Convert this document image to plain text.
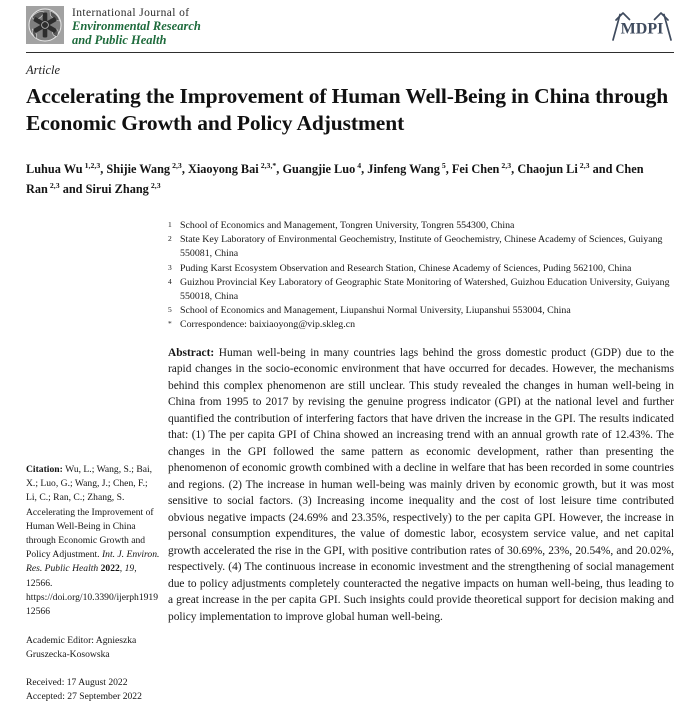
International Journal of
Environmental Research
and Public Health
MDPI
Article
Accelerating the Improvement of Human Well-Being in China through Economic Growth and Policy Adjustment
Luhua Wu $^{1,2,3}$, Shijie Wang $^{2,3}$, Xiaoyong Bai $^{2,3,*}$, Guangjie Luo $^4$, Jinfeng Wang $^5$, Fei Chen $^{2,3}$, Chaojun Li $^{2,3}$ and Chen Ran $^{2,3}$ and Sirui Zhang $^{2,3}$

Citation: Wu, L.; Wang, S.; Bai, X.; Luo, G.; Wang, J.; Chen, F.; Li, C.; Ran, C.; Zhang, S. Accelerating the Improvement of Human Well-Being in China through Economic Growth and Policy Adjustment. Int. J. Environ. Res. Public Health 2022, 19, 12566. https://doi.org/10.3390/ijerph191912566

Academic Editor: Agnieszka Gruszecka-Kosowska

Received: 17 August 2022
Accepted: 27 September 2022

1 School of Economics and Management, Tongren University, Tongren 554300, China
2 State Key Laboratory of Environmental Geochemistry, Institute of Geochemistry, Chinese Academy of Sciences, Guiyang 550081, China
3 Puding Karst Ecosystem Observation and Research Station, Chinese Academy of Sciences, Puding 562100, China
4 Guizhou Provincial Key Laboratory of Geographic State Monitoring of Watershed, Guizhou Education University, Guiyang 550018, China
5 School of Economics and Management, Liupanshui Normal University, Liupanshui 553004, China
* Correspondence: baixiaoyong@vip.skleg.cn
Abstract: Human well-being in many countries lags behind the gross domestic product (GDP) due to the rapid changes in the socio-economic environment that have occurred for decades. However, the mechanisms behind this complex phenomenon are still unclear. This study revealed the changes in human well-being in China from 1995 to 2017 by revising the genuine progress indicator (GPI) at the national level and further quantified the contribution of interfering factors that have driven the increase in the GPI. The results indicated that: (1) The per capita GPI of China showed an increasing trend with an annual growth rate of 12.43%. The changes in the GPI followed the same pattern as economic development, rather than presenting the phenomenon of economic growth combined with a decline in welfare that has been recorded in some countries and regions. (2) The increase in human well-being was mainly driven by economic growth, but it was most sensitive to social factors. (3) Increasing income inequality and the cost of lost leisure time contributed obvious negative impacts (24.69% and 23.35%, respectively) to the per capita GPI. However, the increase in personal consumption expenditures, the value of domestic labor, ecosystem service value, and net capital growth accelerated the rise in the GPI, with positive contribution rates of 30.69%, 23%, 20.54%, and 20.02%, respectively. (4) The continuous increase in economic investment and the strengthening of social management due to policy adjustments completely counteracted the negative impacts on human well-being, thus leading to a great increase in the per capita GPI. Such insights could provide theoretical support for decision making and policy implementation to improve global human well-being.
